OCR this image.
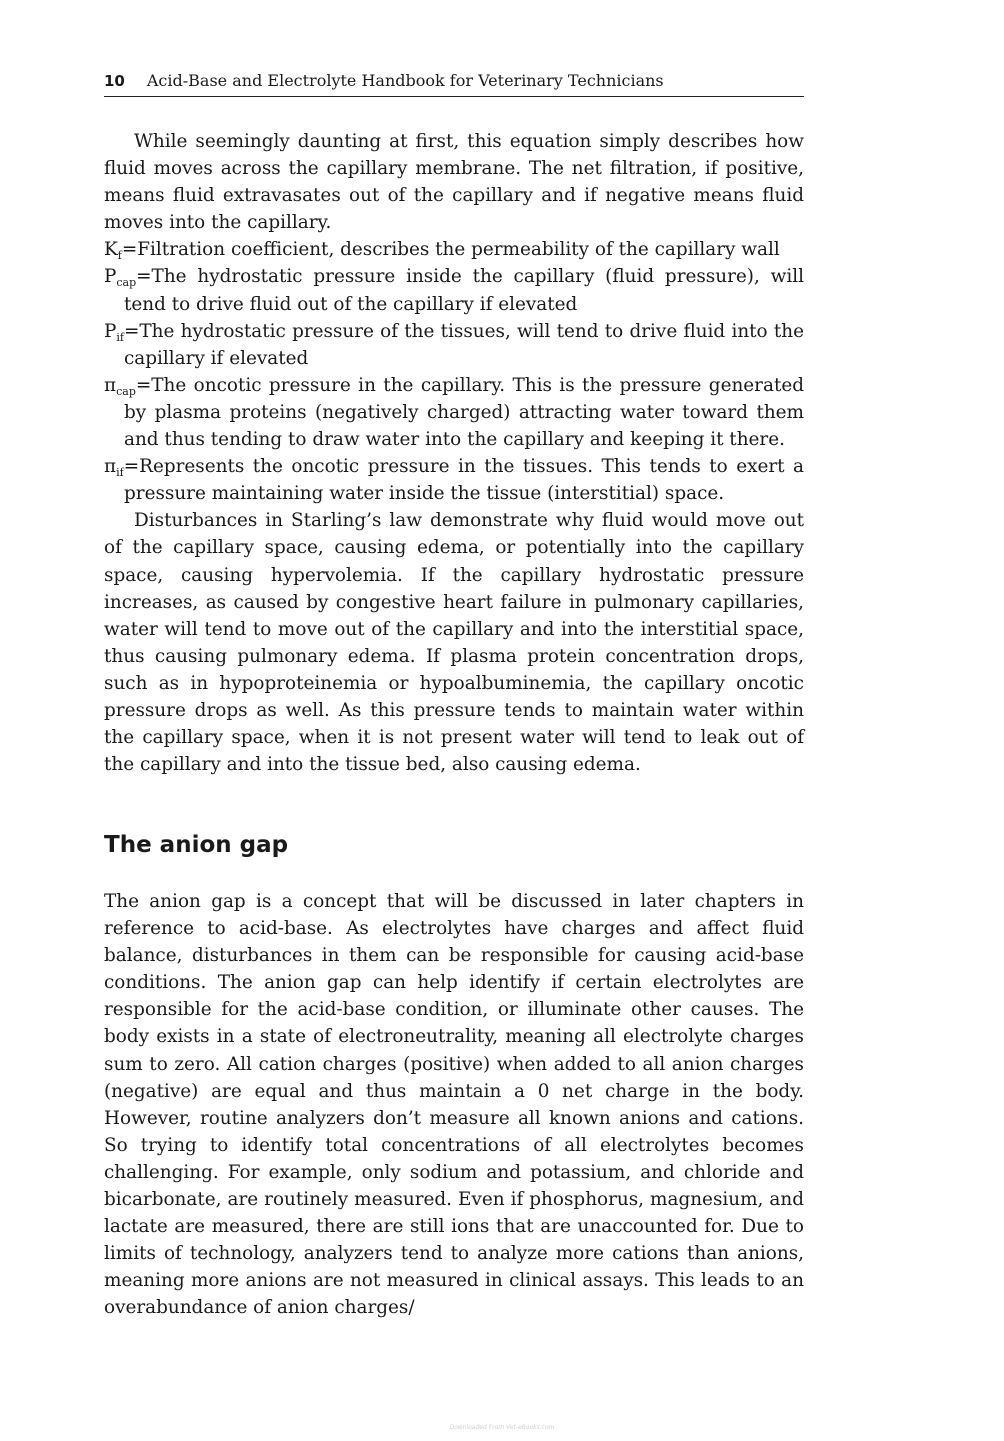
10 Acid-Base and Electrolyte Handbook for Veterinary Technicians

While seemingly daunting at first, this equation simply describes how fluid moves across the capillary membrane. The net filtration, if positive, means fluid extravasates out of the capillary and if negative means fluid moves into the capillary.

$K_f=Filtration$ coefficient, describes the permeability of the capillary wall
$P_{cap}=The$ hydrostatic pressure inside the capillary (fluid pressure), will tend to drive fluid out of the capillary if elevated
$P_{if}=The$ hydrostatic pressure of the tissues, will tend to drive fluid into the capillary if elevated
$\pi_{cap}=The$ oncotic pressure in the capillary. This is the pressure generated by plasma proteins (negatively charged) attracting water toward them and thus tending to draw water into the capillary and keeping it there.
$\pi_{if}=Represents$ the oncotic pressure in the tissues. This tends to exert a pressure maintaining water inside the tissue (interstitial) space.

Disturbances in Starling’s law demonstrate why fluid would move out of the capillary space, causing edema, or potentially into the capillary space, causing hypervolemia. If the capillary hydrostatic pressure increases, as caused by congestive heart failure in pulmonary capillaries, water will tend to move out of the capillary and into the interstitial space, thus causing pulmonary edema. If plasma protein concentration drops, such as in hypoproteinemia or hypoalbuminemia, the capillary oncotic pressure drops as well. As this pressure tends to maintain water within the capillary space, when it is not present water will tend to leak out of the capillary and into the tissue bed, also causing edema.

The anion gap

The anion gap is a concept that will be discussed in later chapters in reference to acid-base. As electrolytes have charges and affect fluid balance, disturbances in them can be responsible for causing acid-base conditions. The anion gap can help identify if certain electrolytes are responsible for the acid-base condition, or illuminate other causes. The body exists in a state of electroneutrality, meaning all electrolyte charges sum to zero. All cation charges (positive) when added to all anion charges (negative) are equal and thus maintain a 0 net charge in the body. However, routine analyzers don’t measure all known anions and cations. So trying to identify total concentrations of all electrolytes becomes challenging. For example, only sodium and potassium, and chloride and bicarbonate, are routinely measured. Even if phosphorus, magnesium, and lactate are measured, there are still ions that are unaccounted for. Due to limits of technology, analyzers tend to analyze more cations than anions, meaning more anions are not measured in clinical assays. This leads to an overabundance of anion charges/

Downloaded From Vet-eBooks.com
